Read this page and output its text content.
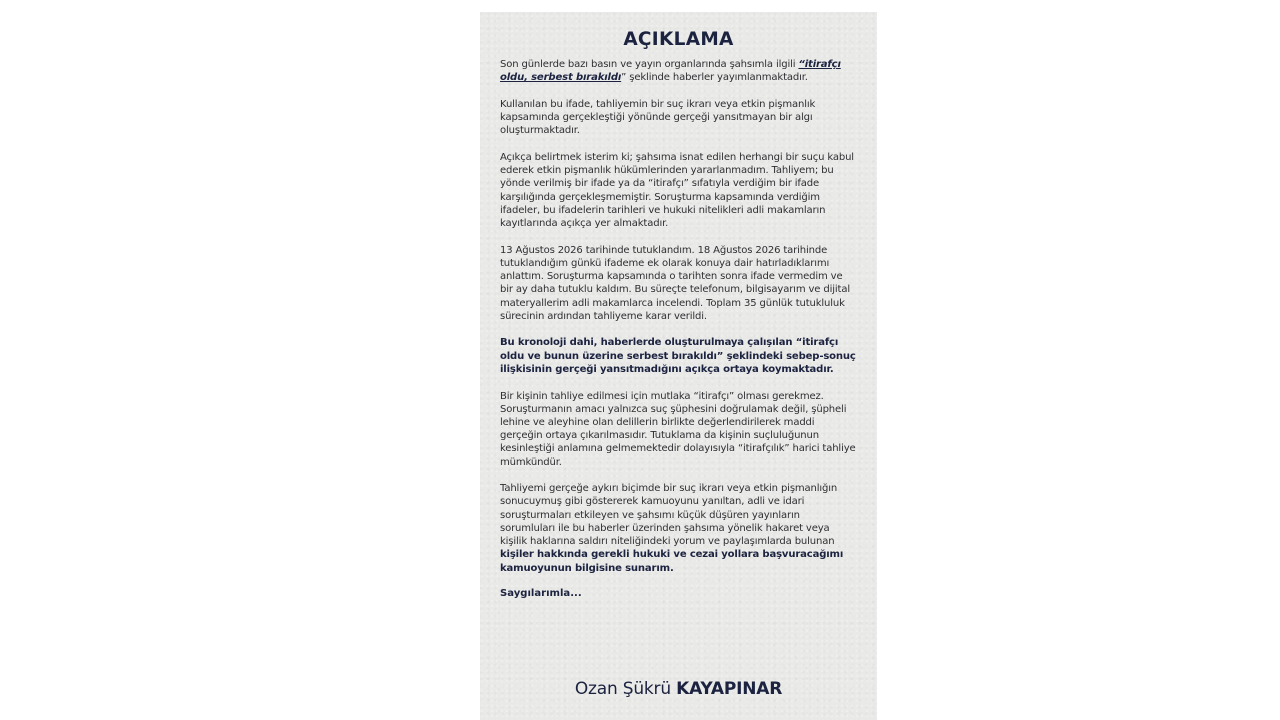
AÇIKLAMA

Son günlerde bazı basın ve yayın organlarında şahsımla ilgili “itirafçı oldu, serbest bırakıldı” şeklinde haberler yayımlanmaktadır.

Kullanılan bu ifade, tahliyemin bir suç ikrarı veya etkin pişmanlık kapsamında gerçekleştiği yönünde gerçeği yansıtmayan bir algı oluşturmaktadır.

Açıkça belirtmek isterim ki; şahsıma isnat edilen herhangi bir suçu kabul ederek etkin pişmanlık hükümlerinden yararlanmadım. Tahliyem; bu yönde verilmiş bir ifade ya da “itirafçı” sıfatıyla verdiğim bir ifade karşılığında gerçekleşmemiştir. Soruşturma kapsamında verdiğim ifadeler, bu ifadelerin tarihleri ve hukuki nitelikleri adli makamların kayıtlarında açıkça yer almaktadır.

13 Ağustos 2026 tarihinde tutuklandım. 18 Ağustos 2026 tarihinde tutuklandığım günkü ifademe ek olarak konuya dair hatırladıklarımı anlattım. Soruşturma kapsamında o tarihten sonra ifade vermedim ve bir ay daha tutuklu kaldım. Bu süreçte telefonum, bilgisayarım ve dijital materyallerim adli makamlarca incelendi. Toplam 35 günlük tutukluluk sürecinin ardından tahliyeme karar verildi.

Bu kronoloji dahi, haberlerde oluşturulmaya çalışılan “itirafçı oldu ve bunun üzerine serbest bırakıldı” şeklindeki sebep-sonuç ilişkisinin gerçeği yansıtmadığını açıkça ortaya koymaktadır.

Bir kişinin tahliye edilmesi için mutlaka “itirafçı” olması gerekmez. Soruşturmanın amacı yalnızca suç şüphesini doğrulamak değil, şüpheli lehine ve aleyhine olan delillerin birlikte değerlendirilerek maddi gerçeğin ortaya çıkarılmasıdır. Tutuklama da kişinin suçluluğunun kesinleştiği anlamına gelmemektedir dolayısıyla “itirafçılık” harici tahliye mümkündür.

Tahliyemi gerçeğe aykırı biçimde bir suç ikrarı veya etkin pişmanlığın sonucuymuş gibi göstererek kamuoyunu yanıltan, adli ve idari soruşturmaları etkileyen ve şahsımı küçük düşüren yayınların sorumluları ile bu haberler üzerinden şahsıma yönelik hakaret veya kişilik haklarına saldırı niteliğindeki yorum ve paylaşımlarda bulunan kişiler hakkında gerekli hukuki ve cezai yollara başvuracağımı kamuoyunun bilgisine sunarım.

Saygılarımla...

Ozan Şükrü KAYAPINAR
